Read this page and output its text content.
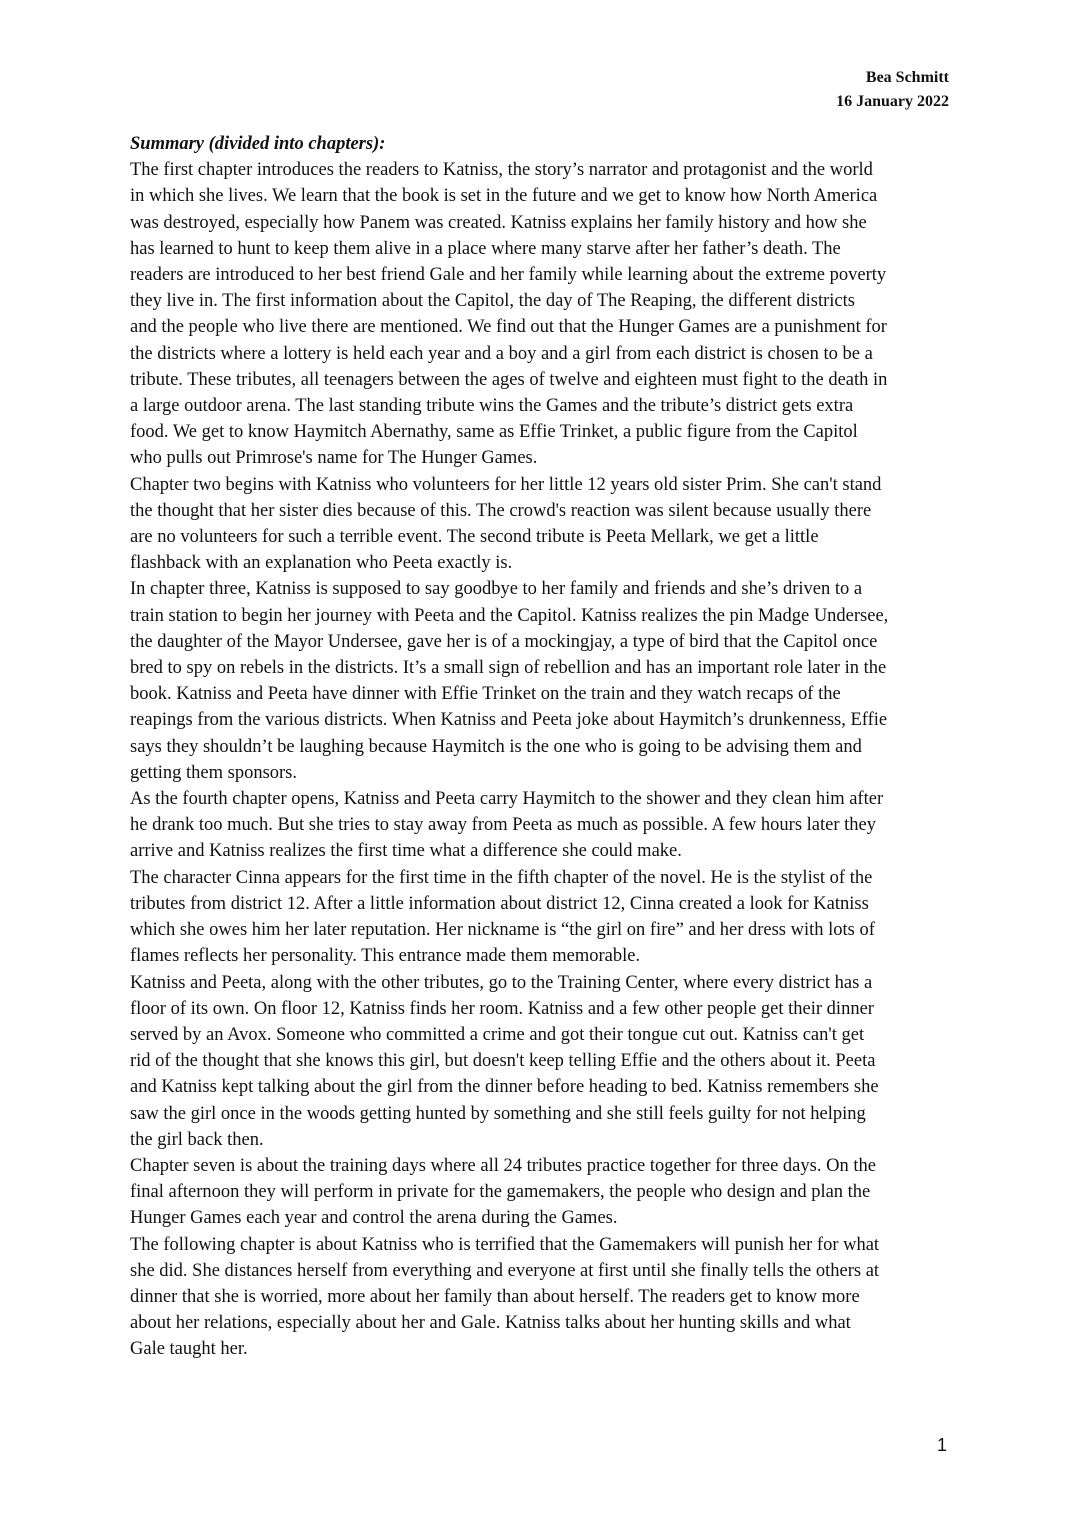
Bea Schmitt
16 January 2022
Summary (divided into chapters):
The first chapter introduces the readers to Katniss, the story’s narrator and protagonist and the world
in which she lives. We learn that the book is set in the future and we get to know how North America
was destroyed, especially how Panem was created. Katniss explains her family history and how she
has learned to hunt to keep them alive in a place where many starve after her father’s death. The
readers are introduced to her best friend Gale and her family while learning about the extreme poverty
they live in. The first information about the Capitol, the day of The Reaping, the different districts
and the people who live there are mentioned. We find out that the Hunger Games are a punishment for
the districts where a lottery is held each year and a boy and a girl from each district is chosen to be a
tribute. These tributes, all teenagers between the ages of twelve and eighteen must fight to the death in
a large outdoor arena. The last standing tribute wins the Games and the tribute’s district gets extra
food. We get to know Haymitch Abernathy, same as Effie Trinket, a public figure from the Capitol
who pulls out Primrose's name for The Hunger Games.
Chapter two begins with Katniss who volunteers for her little 12 years old sister Prim. She can't stand
the thought that her sister dies because of this. The crowd's reaction was silent because usually there
are no volunteers for such a terrible event. The second tribute is Peeta Mellark, we get a little
flashback with an explanation who Peeta exactly is.
In chapter three, Katniss is supposed to say goodbye to her family and friends and she’s driven to a
train station to begin her journey with Peeta and the Capitol. Katniss realizes the pin Madge Undersee,
the daughter of the Mayor Undersee, gave her is of a mockingjay, a type of bird that the Capitol once
bred to spy on rebels in the districts. It’s a small sign of rebellion and has an important role later in the
book. Katniss and Peeta have dinner with Effie Trinket on the train and they watch recaps of the
reapings from the various districts. When Katniss and Peeta joke about Haymitch’s drunkenness, Effie
says they shouldn’t be laughing because Haymitch is the one who is going to be advising them and
getting them sponsors.
As the fourth chapter opens, Katniss and Peeta carry Haymitch to the shower and they clean him after
he drank too much. But she tries to stay away from Peeta as much as possible. A few hours later they
arrive and Katniss realizes the first time what a difference she could make.
The character Cinna appears for the first time in the fifth chapter of the novel. He is the stylist of the
tributes from district 12. After a little information about district 12, Cinna created a look for Katniss
which she owes him her later reputation. Her nickname is “the girl on fire” and her dress with lots of
flames reflects her personality. This entrance made them memorable.
Katniss and Peeta, along with the other tributes, go to the Training Center, where every district has a
floor of its own. On floor 12, Katniss finds her room. Katniss and a few other people get their dinner
served by an Avox. Someone who committed a crime and got their tongue cut out. Katniss can't get
rid of the thought that she knows this girl, but doesn't keep telling Effie and the others about it. Peeta
and Katniss kept talking about the girl from the dinner before heading to bed. Katniss remembers she
saw the girl once in the woods getting hunted by something and she still feels guilty for not helping
the girl back then.
Chapter seven is about the training days where all 24 tributes practice together for three days. On the
final afternoon they will perform in private for the gamemakers, the people who design and plan the
Hunger Games each year and control the arena during the Games.
The following chapter is about Katniss who is terrified that the Gamemakers will punish her for what
she did. She distances herself from everything and everyone at first until she finally tells the others at
dinner that she is worried, more about her family than about herself. The readers get to know more
about her relations, especially about her and Gale. Katniss talks about her hunting skills and what
Gale taught her.
1
